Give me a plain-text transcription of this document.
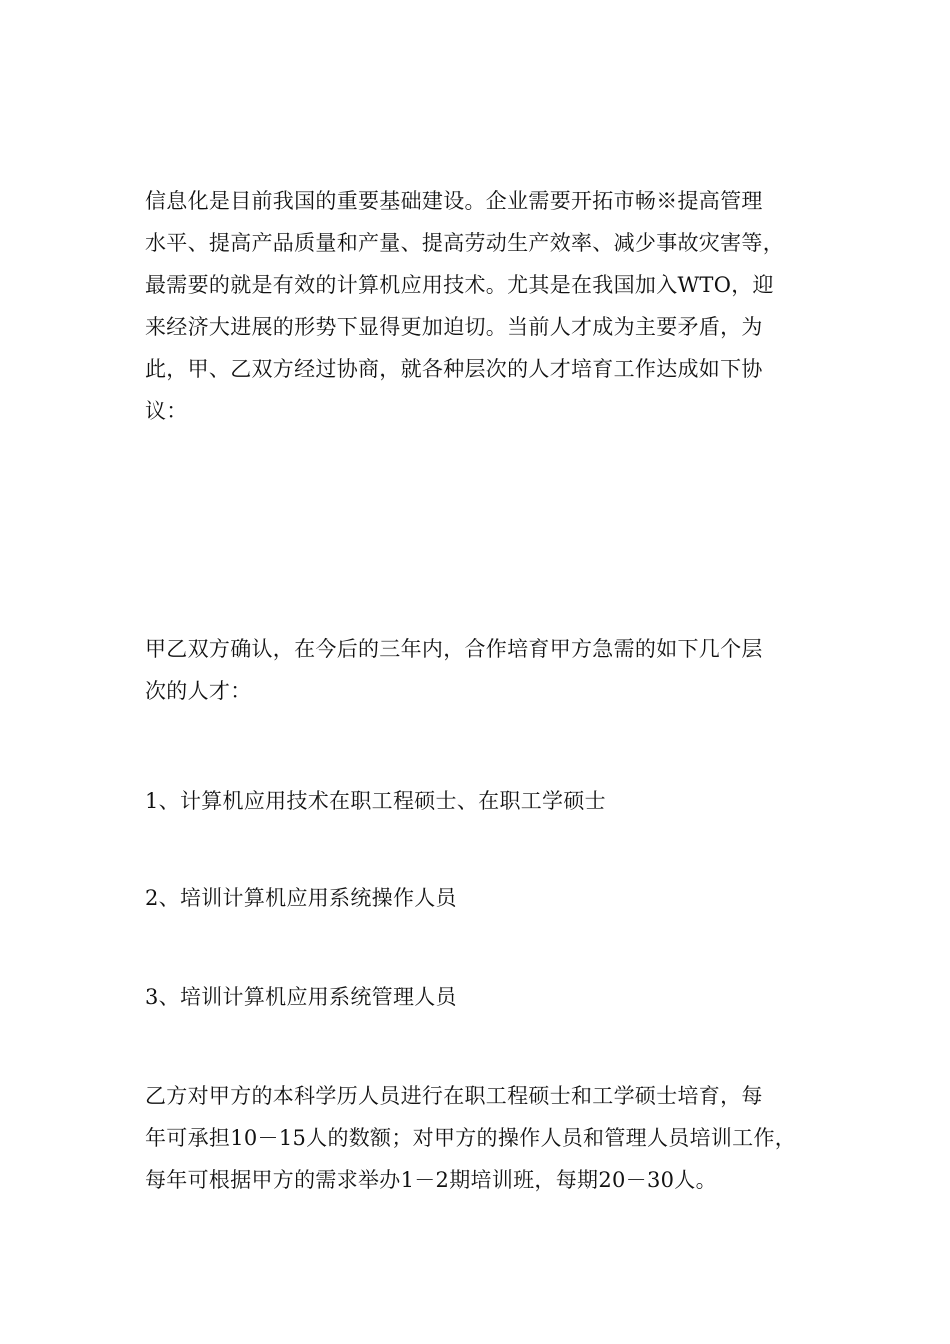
信息化是目前我国的重要基础建设。企业需要开拓市畅※提高管理
水平、提高产品质量和产量、提高劳动生产效率、减少事故灾害等，
最需要的就是有效的计算机应用技术。尤其是在我国加入WTO，迎
来经济大进展的形势下显得更加迫切。当前人才成为主要矛盾，为
此，甲、乙双方经过协商，就各种层次的人才培育工作达成如下协
议：

甲乙双方确认，在今后的三年内，合作培育甲方急需的如下几个层
次的人才：

1、计算机应用技术在职工程硕士、在职工学硕士

2、培训计算机应用系统操作人员

3、培训计算机应用系统管理人员

乙方对甲方的本科学历人员进行在职工程硕士和工学硕士培育，每
年可承担10－15人的数额；对甲方的操作人员和管理人员培训工作，
每年可根据甲方的需求举办1－2期培训班，每期20－30人。
